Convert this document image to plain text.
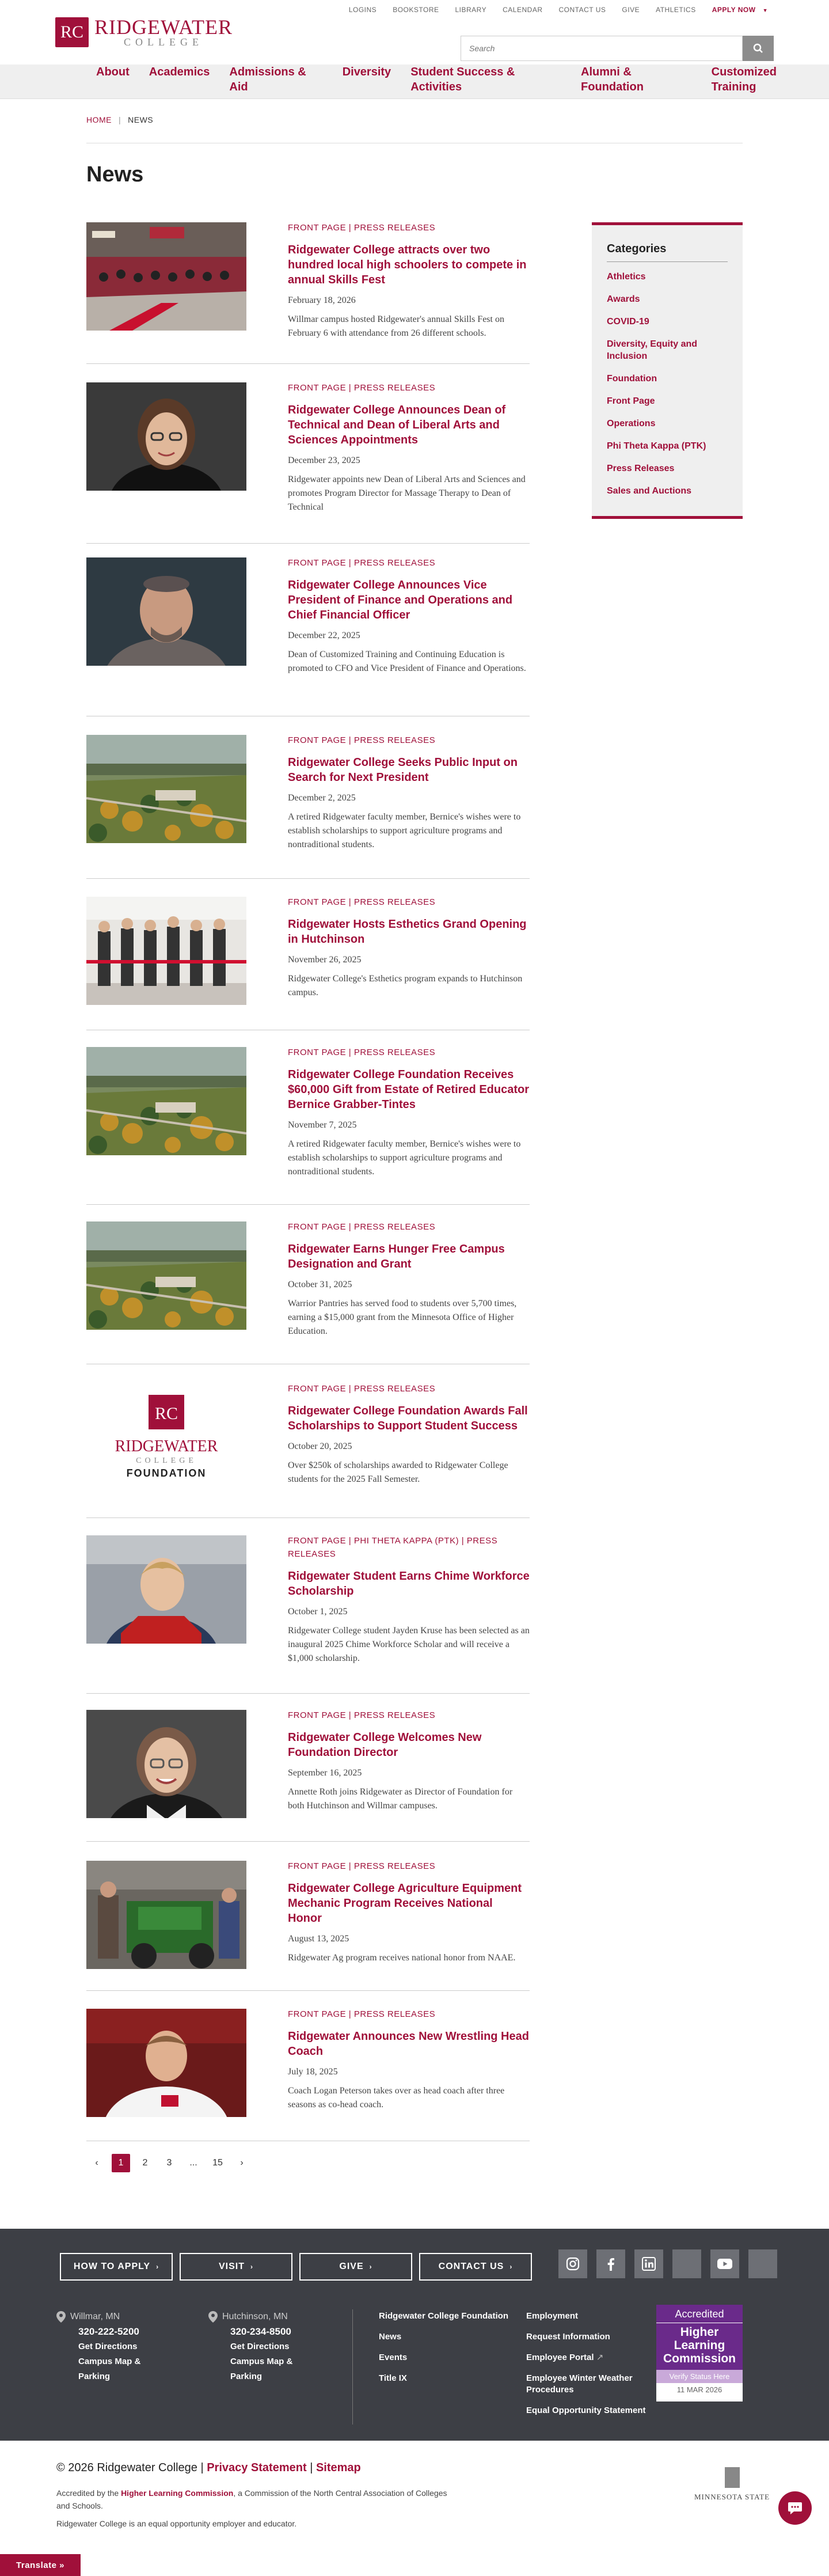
RC RIDGEWATER
COLLEGE
LOGINS	BOOKSTORE	LIBRARY	CALENDAR	CONTACT US	GIVE	ATHLETICS	APPLY NOW ▼
Search
About	Academics	Admissions & Aid
Diversity	Student Success & Activities
Alumni & Foundation
Customized Training
HOME | NEWS
News
FRONT PAGE | PRESS RELEASES
Ridgewater College attracts over two hundred local high schoolers to compete in annual Skills Fest
February 18, 2026
Willmar campus hosted Ridgewater's annual Skills Fest on February 6 with attendance from 26 different schools.
FRONT PAGE | PRESS RELEASES
Ridgewater College Announces Dean of Technical and Dean of Liberal Arts and Sciences Appointments
December 23, 2025
Ridgewater appoints new Dean of Liberal Arts and Sciences and promotes Program Director for Massage Therapy to Dean of Technical
FRONT PAGE | PRESS RELEASES
Ridgewater College Announces Vice President of Finance and Operations and Chief Financial Officer
December 22, 2025
Dean of Customized Training and Continuing Education is promoted to CFO and Vice President of Finance and Operations.
FRONT PAGE | PRESS RELEASES
Ridgewater College Seeks Public Input on Search for Next President
December 2, 2025
A retired Ridgewater faculty member, Bernice's wishes were to establish scholarships to support agriculture programs and nontraditional students.
FRONT PAGE | PRESS RELEASES
Ridgewater Hosts Esthetics Grand Opening in Hutchinson
November 26, 2025
Ridgewater College's Esthetics program expands to Hutchinson campus.
FRONT PAGE | PRESS RELEASES
Ridgewater College Foundation Receives $60,000 Gift from Estate of Retired Educator Bernice Grabber-Tintes
November 7, 2025
A retired Ridgewater faculty member, Bernice's wishes were to establish scholarships to support agriculture programs and nontraditional students.
FRONT PAGE | PRESS RELEASES
Ridgewater Earns Hunger Free Campus Designation and Grant
October 31, 2025
Warrior Pantries has served food to students over 5,700 times, earning a $15,000 grant from the Minnesota Office of Higher Education.
RC
RIDGEWATER
COLLEGE
FOUNDATION
FRONT PAGE | PRESS RELEASES
Ridgewater College Foundation Awards Fall Scholarships to Support Student Success
October 20, 2025
Over $250k of scholarships awarded to Ridgewater College students for the 2025 Fall Semester.
FRONT PAGE | PHI THETA KAPPA (PTK) | PRESS RELEASES
Ridgewater Student Earns Chime Workforce Scholarship
October 1, 2025
Ridgewater College student Jayden Kruse has been selected as an inaugural 2025 Chime Workforce Scholar and will receive a $1,000 scholarship.
FRONT PAGE | PRESS RELEASES
Ridgewater College Welcomes New Foundation Director
September 16, 2025
Annette Roth joins Ridgewater as Director of Foundation for both Hutchinson and Willmar campuses.
FRONT PAGE | PRESS RELEASES
Ridgewater College Agriculture Equipment Mechanic Program Receives National Honor
August 13, 2025
Ridgewater Ag program receives national honor from NAAE.
FRONT PAGE | PRESS RELEASES
Ridgewater Announces New Wrestling Head Coach
July 18, 2025
Coach Logan Peterson takes over as head coach after three seasons as co-head coach.
Categories
Athletics
Awards
COVID-19
Diversity, Equity and Inclusion
Foundation
Front Page
Operations
Phi Theta Kappa (PTK)
Press Releases
Sales and Auctions
‹	1	2	3	...	15	›
HOW TO APPLY ›	VISIT ›	GIVE ›	CONTACT US ›
Willmar, MN
320-222-5200
Get Directions
Campus Map &
Parking
Hutchinson, MN
320-234-8500
Get Directions
Campus Map &
Parking
Ridgewater College Foundation
News
Events
Title IX
Employment
Request Information
Employee Portal ↗
Employee Winter Weather Procedures
Equal Opportunity Statement
Accredited
Higher Learning Commission
Verify Status Here
11 MAR 2026
© 2026 Ridgewater College | Privacy Statement | Sitemap
Accredited by the Higher Learning Commission, a Commission of the North Central Association of Colleges and Schools.
Ridgewater College is an equal opportunity employer and educator.
MINNESOTA STATE
Translate »
